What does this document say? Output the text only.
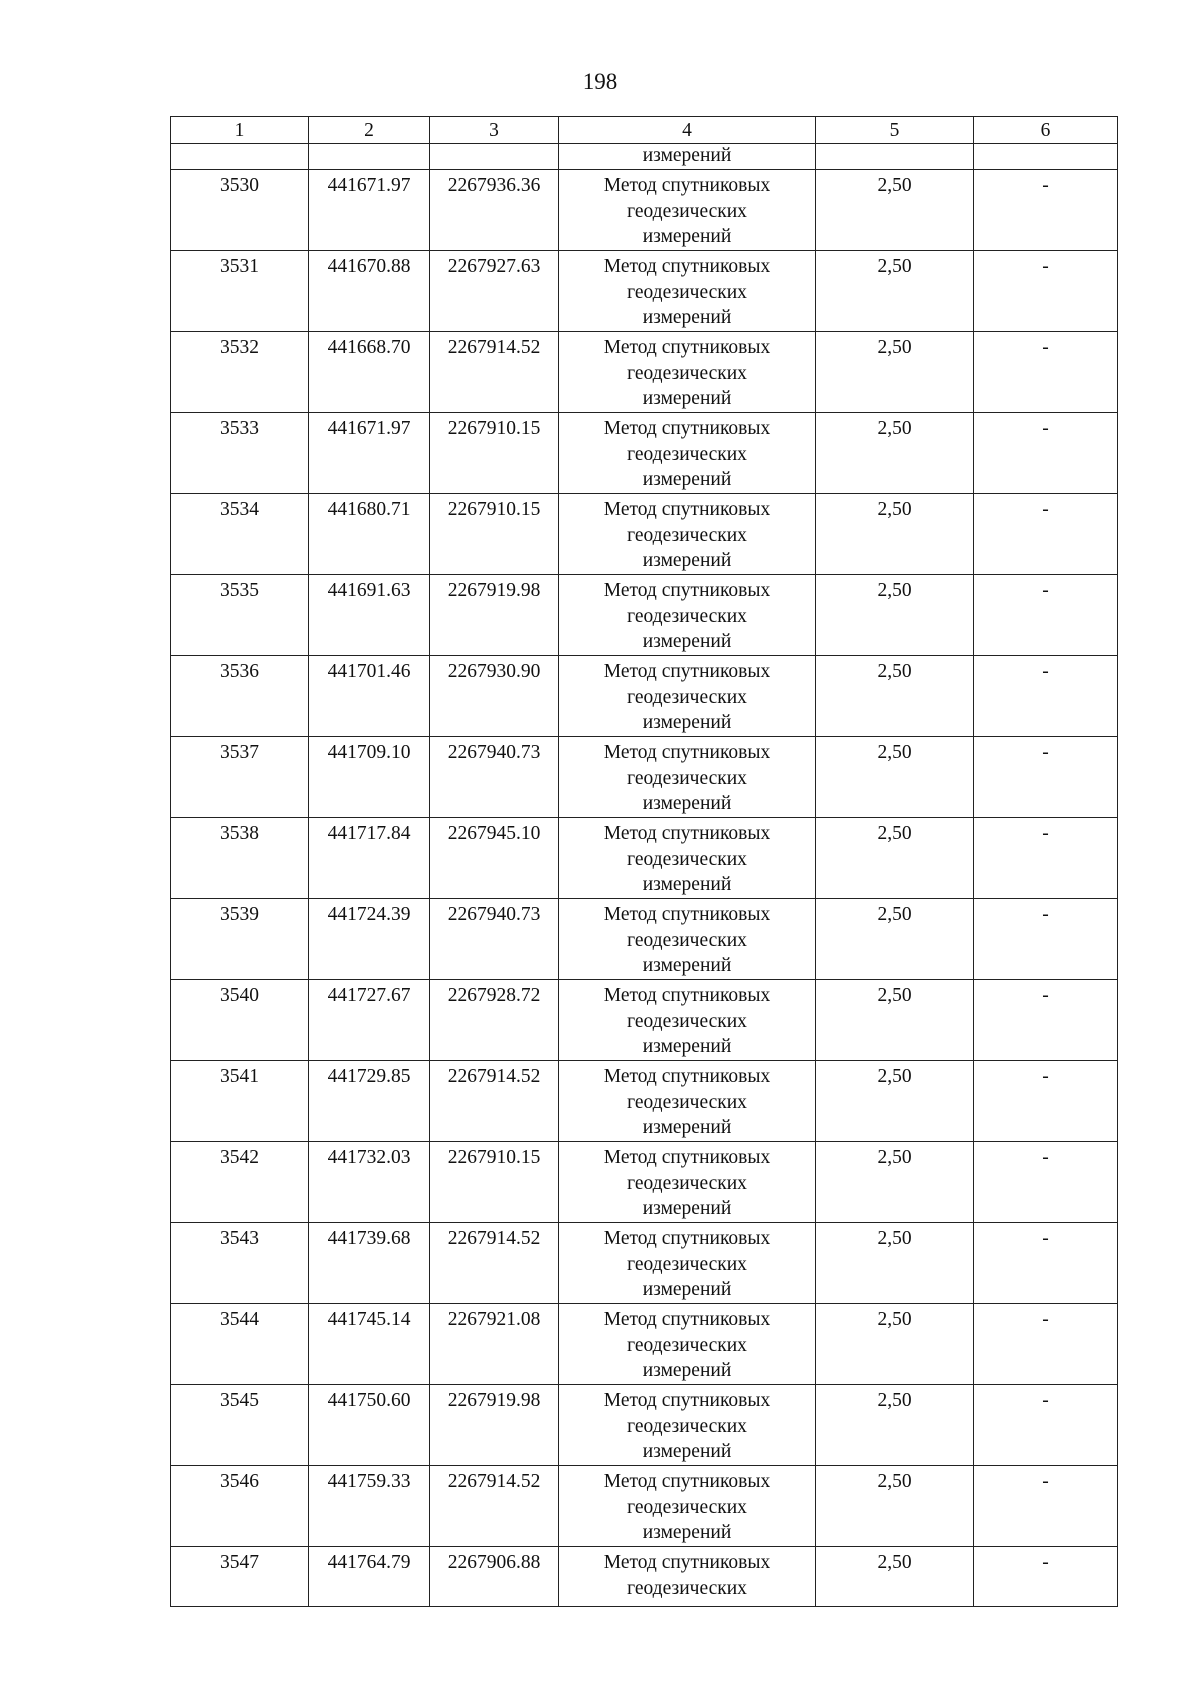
198
1	2	3	4	5	6
			измерений		
3530	441671.97	2267936.36	Метод спутниковых
геодезических
измерений	2,50	-
3531	441670.88	2267927.63	Метод спутниковых
геодезических
измерений	2,50	-
3532	441668.70	2267914.52	Метод спутниковых
геодезических
измерений	2,50	-
3533	441671.97	2267910.15	Метод спутниковых
геодезических
измерений	2,50	-
3534	441680.71	2267910.15	Метод спутниковых
геодезических
измерений	2,50	-
3535	441691.63	2267919.98	Метод спутниковых
геодезических
измерений	2,50	-
3536	441701.46	2267930.90	Метод спутниковых
геодезических
измерений	2,50	-
3537	441709.10	2267940.73	Метод спутниковых
геодезических
измерений	2,50	-
3538	441717.84	2267945.10	Метод спутниковых
геодезических
измерений	2,50	-
3539	441724.39	2267940.73	Метод спутниковых
геодезических
измерений	2,50	-
3540	441727.67	2267928.72	Метод спутниковых
геодезических
измерений	2,50	-
3541	441729.85	2267914.52	Метод спутниковых
геодезических
измерений	2,50	-
3542	441732.03	2267910.15	Метод спутниковых
геодезических
измерений	2,50	-
3543	441739.68	2267914.52	Метод спутниковых
геодезических
измерений	2,50	-
3544	441745.14	2267921.08	Метод спутниковых
геодезических
измерений	2,50	-
3545	441750.60	2267919.98	Метод спутниковых
геодезических
измерений	2,50	-
3546	441759.33	2267914.52	Метод спутниковых
геодезических
измерений	2,50	-
3547	441764.79	2267906.88	Метод спутниковых
геодезических	2,50	-
